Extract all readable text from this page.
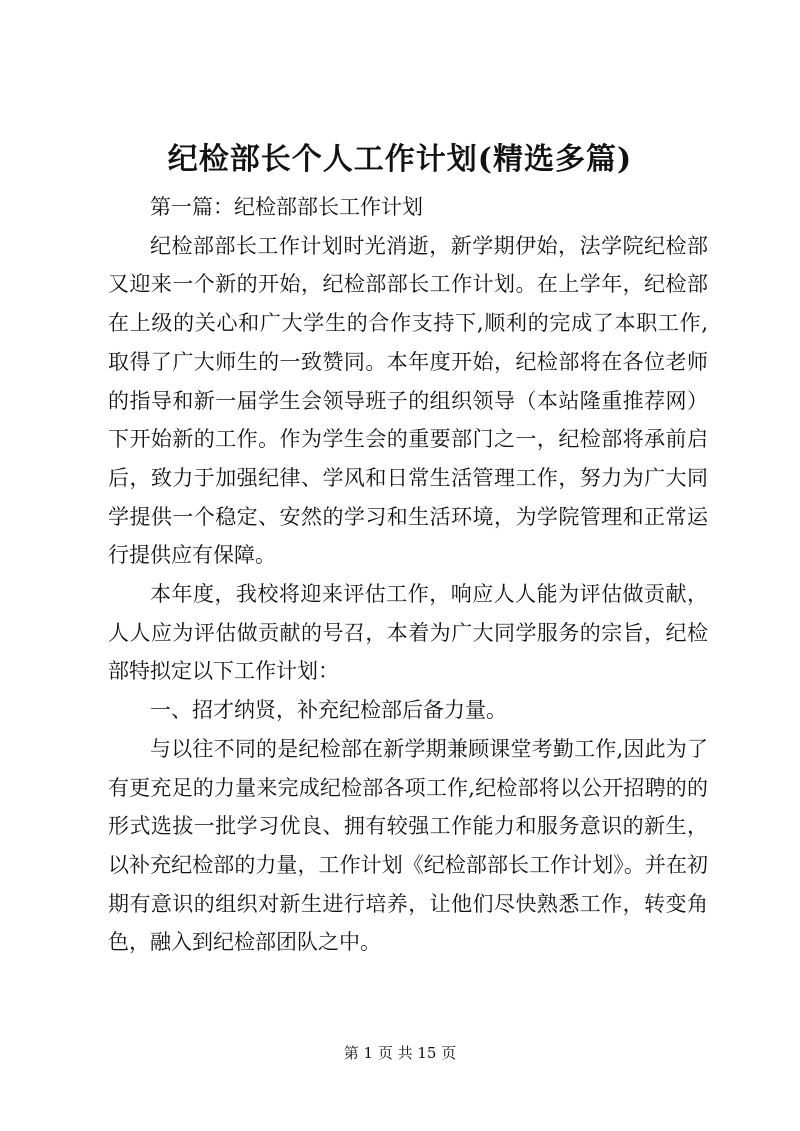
纪检部长个人工作计划(精选多篇)

第一篇：纪检部部长工作计划

纪检部部长工作计划时光消逝，新学期伊始，法学院纪检部又迎来一个新的开始，纪检部部长工作计划。在上学年，纪检部在上级的关心和广大学生的合作支持下,顺利的完成了本职工作,取得了广大师生的一致赞同。本年度开始，纪检部将在各位老师的指导和新一届学生会领导班子的组织领导（本站隆重推荐网）下开始新的工作。作为学生会的重要部门之一，纪检部将承前启后，致力于加强纪律、学风和日常生活管理工作，努力为广大同学提供一个稳定、安然的学习和生活环境，为学院管理和正常运行提供应有保障。

本年度，我校将迎来评估工作，响应人人能为评估做贡献，人人应为评估做贡献的号召，本着为广大同学服务的宗旨，纪检部特拟定以下工作计划：

一、招才纳贤，补充纪检部后备力量。

与以往不同的是纪检部在新学期兼顾课堂考勤工作,因此为了有更充足的力量来完成纪检部各项工作,纪检部将以公开招聘的的形式选拔一批学习优良、拥有较强工作能力和服务意识的新生，以补充纪检部的力量，工作计划《纪检部部长工作计划》。并在初期有意识的组织对新生进行培养，让他们尽快熟悉工作，转变角色，融入到纪检部团队之中。

第 1 页 共 15 页
